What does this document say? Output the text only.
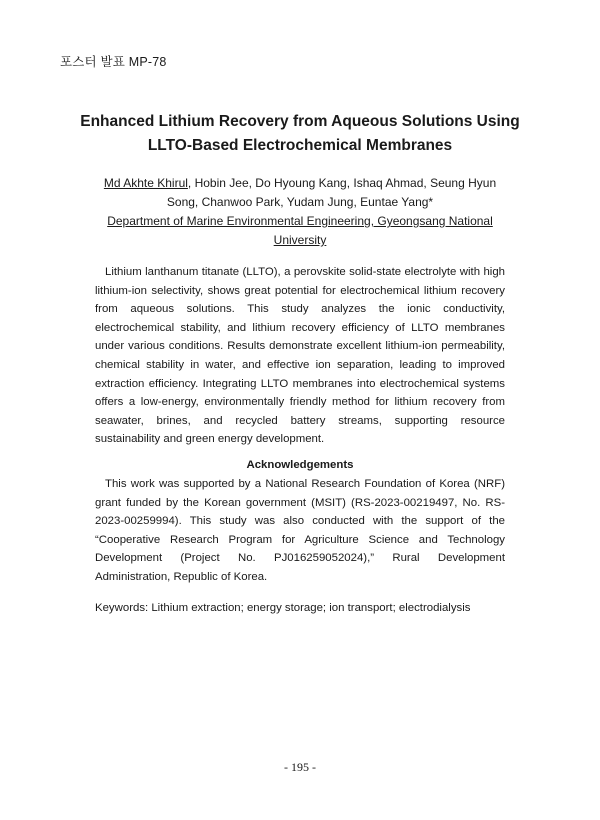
포스터 발표 MP-78
Enhanced Lithium Recovery from Aqueous Solutions Using LLTO-Based Electrochemical Membranes
Md Akhte Khirul, Hobin Jee, Do Hyoung Kang, Ishaq Ahmad, Seung Hyun Song, Chanwoo Park, Yudam Jung, Euntae Yang*
Department of Marine Environmental Engineering, Gyeongsang National University

Lithium lanthanum titanate (LLTO), a perovskite solid-state electrolyte with high lithium-ion selectivity, shows great potential for electrochemical lithium recovery from aqueous solutions. This study analyzes the ionic conductivity, electrochemical stability, and lithium recovery efficiency of LLTO membranes under various conditions. Results demonstrate excellent lithium-ion permeability, chemical stability in water, and effective ion separation, leading to improved extraction efficiency. Integrating LLTO membranes into electrochemical systems offers a low-energy, environmentally friendly method for lithium recovery from seawater, brines, and recycled battery streams, supporting resource sustainability and green energy development.

Acknowledgements

This work was supported by a National Research Foundation of Korea (NRF) grant funded by the Korean government (MSIT) (RS-2023-00219497, No. RS-2023-00259994). This study was also conducted with the support of the “Cooperative Research Program for Agriculture Science and Technology Development (Project No. PJ016259052024),” Rural Development Administration, Republic of Korea.

Keywords: Lithium extraction; energy storage; ion transport; electrodialysis
- 195 -
